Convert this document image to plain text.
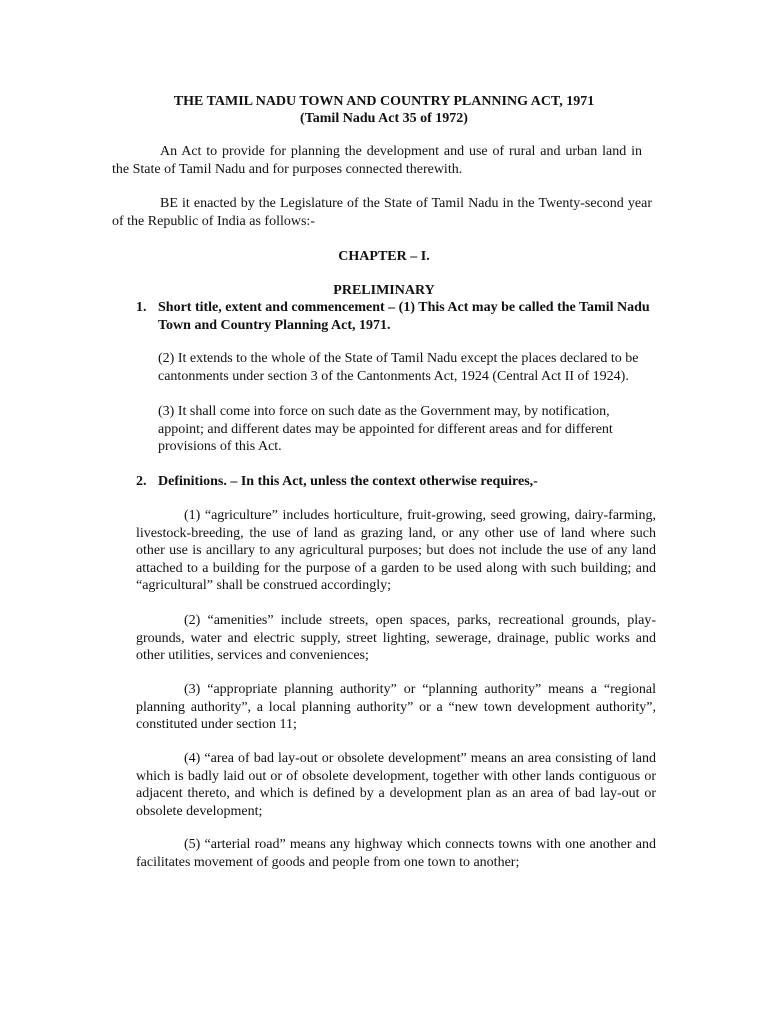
THE TAMIL NADU TOWN AND COUNTRY PLANNING ACT, 1971
(Tamil Nadu Act 35 of 1972)
An Act to provide for planning the development and use of rural and urban land in the State of Tamil Nadu and for purposes connected therewith.
BE it enacted by the Legislature of the State of Tamil Nadu in the Twenty-second year of the Republic of India as follows:-
CHAPTER – I.
PRELIMINARY
1. Short title, extent and commencement – (1) This Act may be called the Tamil Nadu Town and Country Planning Act, 1971.
(2) It extends to the whole of the State of Tamil Nadu except the places declared to be cantonments under section 3 of the Cantonments Act, 1924 (Central Act II of 1924).
(3) It shall come into force on such date as the Government may, by notification, appoint; and different dates may be appointed for different areas and for different provisions of this Act.
2. Definitions. – In this Act, unless the context otherwise requires,-
(1) “agriculture” includes horticulture, fruit-growing, seed growing, dairy-farming, livestock-breeding, the use of land as grazing land, or any other use of land where such other use is ancillary to any agricultural purposes; but does not include the use of any land attached to a building for the purpose of a garden to be used along with such building; and “agricultural” shall be construed accordingly;
(2) “amenities” include streets, open spaces, parks, recreational grounds, play-grounds, water and electric supply, street lighting, sewerage, drainage, public works and other utilities, services and conveniences;
(3) “appropriate planning authority” or “planning authority” means a “regional planning authority”, a local planning authority” or a “new town development authority”, constituted under section 11;
(4) “area of bad lay-out or obsolete development” means an area consisting of land which is badly laid out or of obsolete development, together with other lands contiguous or adjacent thereto, and which is defined by a development plan as an area of bad lay-out or obsolete development;
(5) “arterial road” means any highway which connects towns with one another and facilitates movement of goods and people from one town to another;
